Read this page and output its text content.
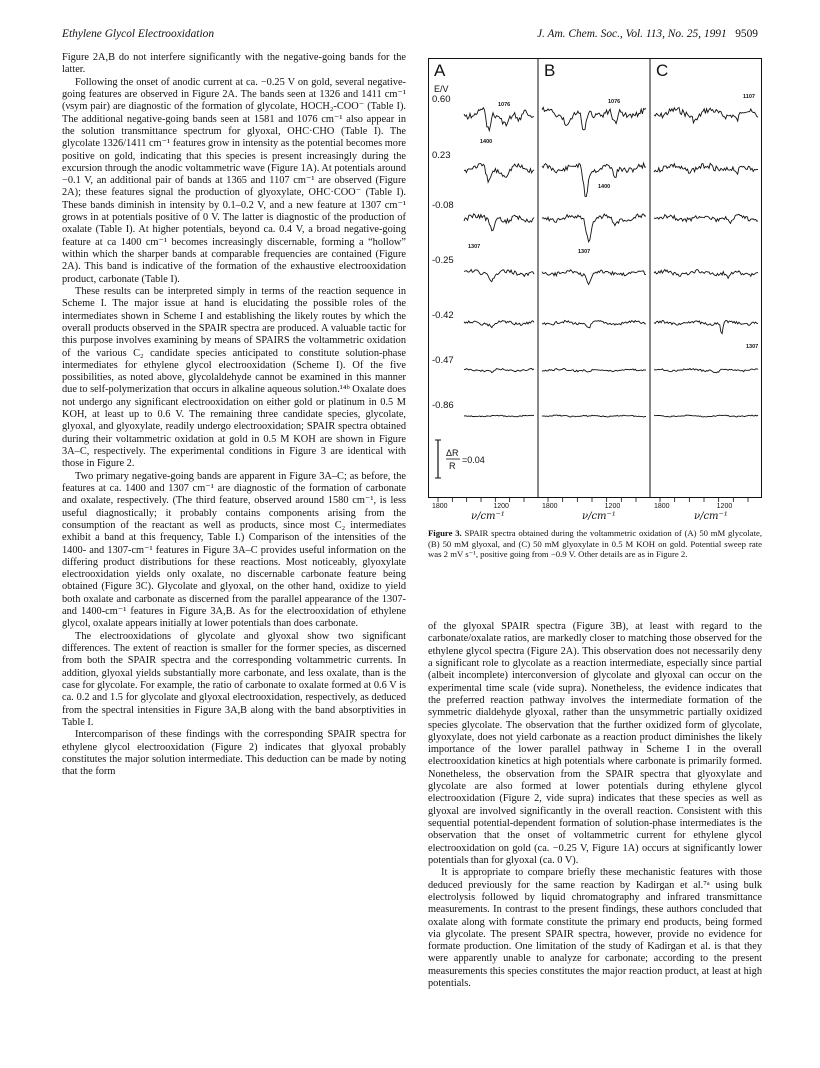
Ethylene Glycol Electrooxidation	J. Am. Chem. Soc., Vol. 113, No. 25, 1991 9509

Figure 2A,B do not interfere significantly with the negative-going bands for the latter.

Following the onset of anodic current at ca. −0.25 V on gold, several negative-going features are observed in Figure 2A. The bands seen at 1326 and 1411 cm⁻¹ (νsym pair) are diagnostic of the formation of glycolate, HOCH₂-COO⁻ (Table I). The additional negative-going bands seen at 1581 and 1076 cm⁻¹ also appear in the solution transmittance spectrum for glyoxal, OHC·CHO (Table I). The glycolate 1326/1411 cm⁻¹ features grow in intensity as the potential becomes more positive on gold, indicating that this species is present increasingly during the excursion through the anodic voltammetric wave (Figure 1A). At potentials around −0.1 V, an additional pair of bands at 1365 and 1107 cm⁻¹ are observed (Figure 2A); these features signal the production of glyoxylate, OHC·COO⁻ (Table I). These bands diminish in intensity by 0.1–0.2 V, and a new feature at 1307 cm⁻¹ grows in at potentials positive of 0 V. The latter is diagnostic of the production of oxalate (Table I). At higher potentials, beyond ca. 0.4 V, a broad negative-going feature at ca 1400 cm⁻¹ becomes increasingly discernable, forming a “hollow” within which the sharper bands at comparable frequencies are contained (Figure 2A). This band is indicative of the formation of the exhaustive electrooxidation product, carbonate (Table I).

These results can be interpreted simply in terms of the reaction sequence in Scheme I. The major issue at hand is elucidating the possible roles of the intermediates shown in Scheme I and establishing the likely routes by which the overall products observed in the SPAIR spectra are produced. A valuable tactic for this purpose involves examining by means of SPAIRS the voltammetric oxidation of the various C₂ candidate species anticipated to constitute solution-phase intermediates for ethylene glycol electrooxidation (Scheme I). Of the five possibilities, as noted above, glycolaldehyde cannot be examined in this manner due to self-polymerization that occurs in alkaline aqueous solution.¹⁴ᵇ Oxalate does not undergo any significant electrooxidation on either gold or platinum in 0.5 M KOH, at least up to 0.6 V. The remaining three candidate species, glycolate, glyoxal, and glyoxylate, readily undergo electrooxidation; SPAIR spectra obtained during their voltammetric oxidation at gold in 0.5 M KOH are shown in Figure 3A–C, respectively. The experimental conditions in Figure 3 are identical with those in Figure 2.

Two primary negative-going bands are apparent in Figure 3A–C; as before, the features at ca. 1400 and 1307 cm⁻¹ are diagnostic of the formation of carbonate and oxalate, respectively. (The third feature, observed around 1580 cm⁻¹, is less useful diagnostically; it probably contains components arising from the consumption of the reactant as well as products, since most C₂ intermediates exhibit a band at this frequency, Table I.) Comparison of the intensities of the 1400- and 1307-cm⁻¹ features in Figure 3A–C provides useful information on the differing product distributions for these reactions. Most noticeably, glyoxylate electrooxidation yields only oxalate, no discernable carbonate feature being obtained (Figure 3C). Glycolate and glyoxal, on the other hand, oxidize to yield both oxalate and carbonate as discerned from the parallel appearance of the 1307- and 1400-cm⁻¹ features in Figure 3A,B. As for the electrooxidation of ethylene glycol, oxalate appears initially at lower potentials than does carbonate.

The electrooxidations of glycolate and glyoxal show two significant differences. The extent of reaction is smaller for the former species, as discerned from both the SPAIR spectra and the corresponding voltammetric currents. In addition, glyoxal yields substantially more carbonate, and less oxalate, than is the case for glycolate. For example, the ratio of carbonate to oxalate formed at 0.6 V is ca. 0.2 and 1.5 for glycolate and glyoxal electrooxidation, respectively, as deduced from the spectral intensities in Figure 3A,B along with the band absorptivities in Table I.

Intercomparison of these findings with the corresponding SPAIR spectra for ethylene glycol electrooxidation (Figure 2) indicates that glyoxal probably constitutes the major solution intermediate. This deduction can be made by noting that the form

A	B	C
E/V
0.60
0.23
-0.08
-0.25
-0.42
-0.47
-0.86
1076	1076
1107
1400
1400
1307
1307
1307
ΔR
R
=0.04
1800	1200
ν/cm⁻¹
1800	1200
ν/cm⁻¹
1800	1200
ν/cm⁻¹
Figure 3. SPAIR spectra obtained during the voltammetric oxidation of (A) 50 mM glycolate, (B) 50 mM glyoxal, and (C) 50 mM glyoxylate in 0.5 M KOH on gold. Potential sweep rate was 2 mV s⁻¹, positive going from −0.9 V. Other details are as in Figure 2.

of the glyoxal SPAIR spectra (Figure 3B), at least with regard to the carbonate/oxalate ratios, are markedly closer to matching those observed for the ethylene glycol spectra (Figure 2A). This observation does not necessarily deny a significant role to glycolate as a reaction intermediate, especially since partial (albeit incomplete) interconversion of glycolate and glyoxal can occur on the experimental time scale (vide supra). Nonetheless, the evidence indicates that the preferred reaction pathway involves the intermediate formation of the symmetric dialdehyde glyoxal, rather than the unsymmetric partially oxidized species glycolate. The observation that the further oxidized form of glycolate, glyoxylate, does not yield carbonate as a reaction product diminishes the likely importance of the lower parallel pathway in Scheme I in the overall electrooxidation kinetics at high potentials where carbonate is primarily formed. Nonetheless, the observation from the SPAIR spectra that glyoxylate and glycolate are also formed at lower potentials during ethylene glycol electrooxidation (Figure 2, vide supra) indicates that these species as well as glyoxal are involved significantly in the overall reaction. Consistent with this sequential potential-dependent formation of solution-phase intermediates is the observation that the onset of voltammetric current for ethylene glycol electrooxidation on gold (ca. −0.25 V, Figure 1A) occurs at significantly lower potentials than for glyoxal (ca. 0 V).

It is appropriate to compare briefly these mechanistic features with those deduced previously for the same reaction by Kadirgan et al.⁷ᵃ using bulk electrolysis followed by liquid chromatography and infrared transmittance measurements. In contrast to the present findings, these authors concluded that oxalate along with formate constitute the primary end products, being formed via glycolate. The present SPAIR spectra, however, provide no evidence for formate production. One limitation of the study of Kadirgan et al. is that they were apparently unable to analyze for carbonate; according to the present measurements this species constitutes the major reaction product, at least at high potentials.
